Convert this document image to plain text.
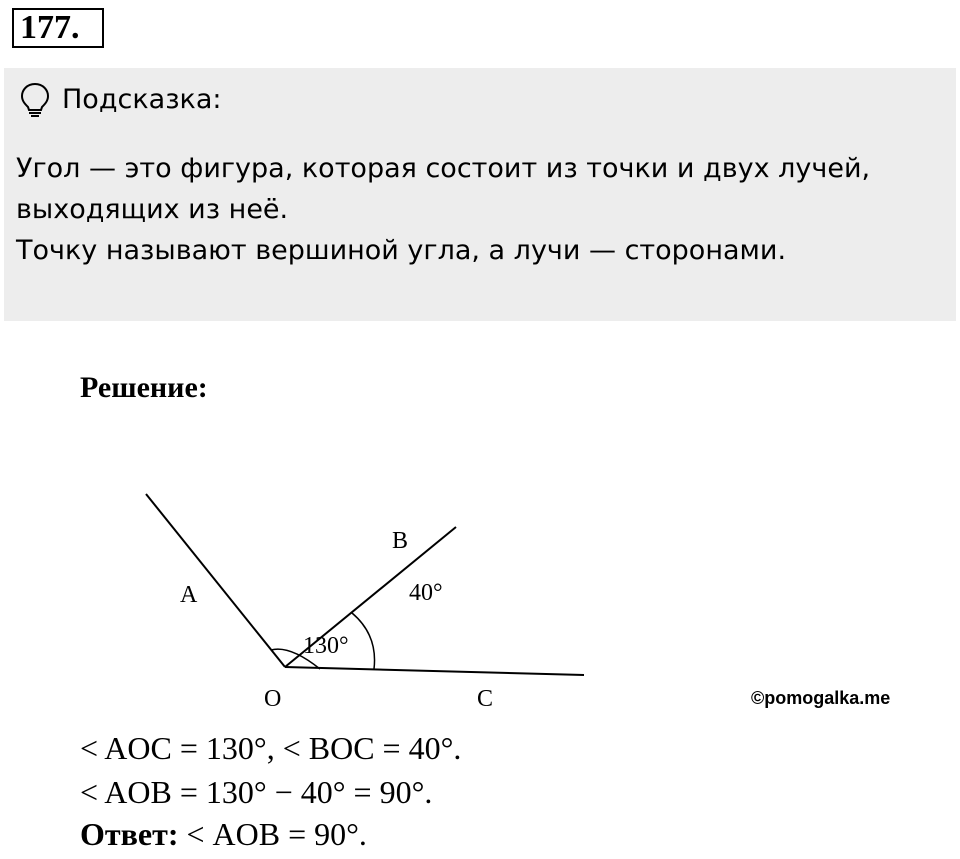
177.
Подсказка:
Угол — это фигура, которая состоит из точки и двух лучей,
выходящих из неё.
Точку называют вершиной угла, а лучи — сторонами.
Решение:
A
B
O	C
130°
40°
©pomogalka.me
< AOC = 130°, < BOC = 40°.
< AOB = 130° − 40° = 90°.
Ответ: < AOB = 90°.
